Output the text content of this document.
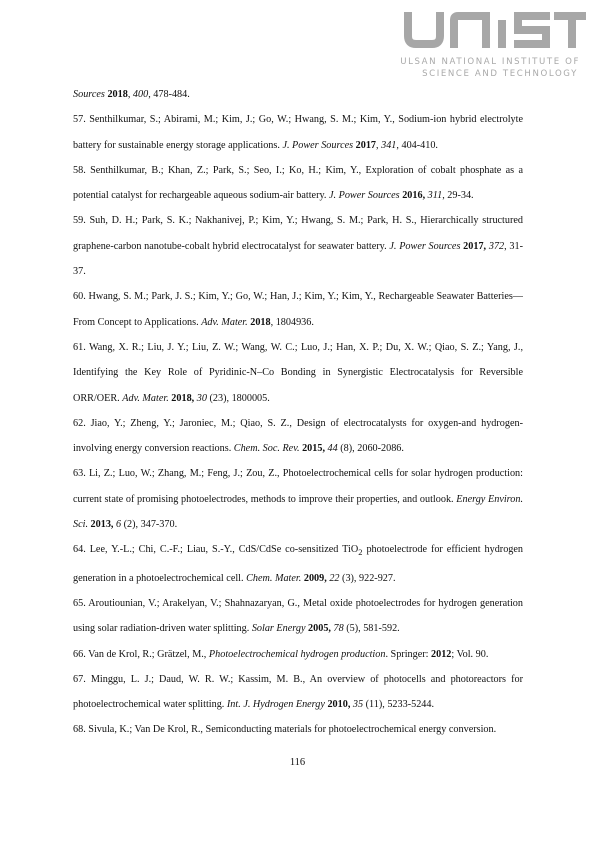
ULSAN NATIONAL INSTITUTE OF
SCIENCE AND TECHNOLOGY

Sources 2018, 400, 478-484.

57. Senthilkumar, S.; Abirami, M.; Kim, J.; Go, W.; Hwang, S. M.; Kim, Y., Sodium-ion hybrid electrolyte battery for sustainable energy storage applications. J. Power Sources 2017, 341, 404-410.

58. Senthilkumar, B.; Khan, Z.; Park, S.; Seo, I.; Ko, H.; Kim, Y., Exploration of cobalt phosphate as a potential catalyst for rechargeable aqueous sodium-air battery. J. Power Sources 2016, 311, 29-34.

59. Suh, D. H.; Park, S. K.; Nakhanivej, P.; Kim, Y.; Hwang, S. M.; Park, H. S., Hierarchically structured graphene-carbon nanotube-cobalt hybrid electrocatalyst for seawater battery. J. Power Sources 2017, 372, 31-37.

60. Hwang, S. M.; Park, J. S.; Kim, Y.; Go, W.; Han, J.; Kim, Y.; Kim, Y., Rechargeable Seawater Batteries—From Concept to Applications. Adv. Mater. 2018, 1804936.

61. Wang, X. R.; Liu, J. Y.; Liu, Z. W.; Wang, W. C.; Luo, J.; Han, X. P.; Du, X. W.; Qiao, S. Z.; Yang, J., Identifying the Key Role of Pyridinic-N–Co Bonding in Synergistic Electrocatalysis for Reversible ORR/OER. Adv. Mater. 2018, 30 (23), 1800005.

62. Jiao, Y.; Zheng, Y.; Jaroniec, M.; Qiao, S. Z., Design of electrocatalysts for oxygen-and hydrogen-involving energy conversion reactions. Chem. Soc. Rev. 2015, 44 (8), 2060-2086.

63. Li, Z.; Luo, W.; Zhang, M.; Feng, J.; Zou, Z., Photoelectrochemical cells for solar hydrogen production: current state of promising photoelectrodes, methods to improve their properties, and outlook. Energy Environ. Sci. 2013, 6 (2), 347-370.

64. Lee, Y.-L.; Chi, C.-F.; Liau, S.-Y., CdS/CdSe co-sensitized TiO$_2$ photoelectrode for efficient hydrogen generation in a photoelectrochemical cell. Chem. Mater. 2009, 22 (3), 922-927.

65. Aroutiounian, V.; Arakelyan, V.; Shahnazaryan, G., Metal oxide photoelectrodes for hydrogen generation using solar radiation-driven water splitting. Solar Energy 2005, 78 (5), 581-592.

66. Van de Krol, R.; Grätzel, M., Photoelectrochemical hydrogen production. Springer: 2012; Vol. 90.

67. Minggu, L. J.; Daud, W. R. W.; Kassim, M. B., An overview of photocells and photoreactors for photoelectrochemical water splitting. Int. J. Hydrogen Energy 2010, 35 (11), 5233-5244.

68. Sivula, K.; Van De Krol, R., Semiconducting materials for photoelectrochemical energy conversion.

116
